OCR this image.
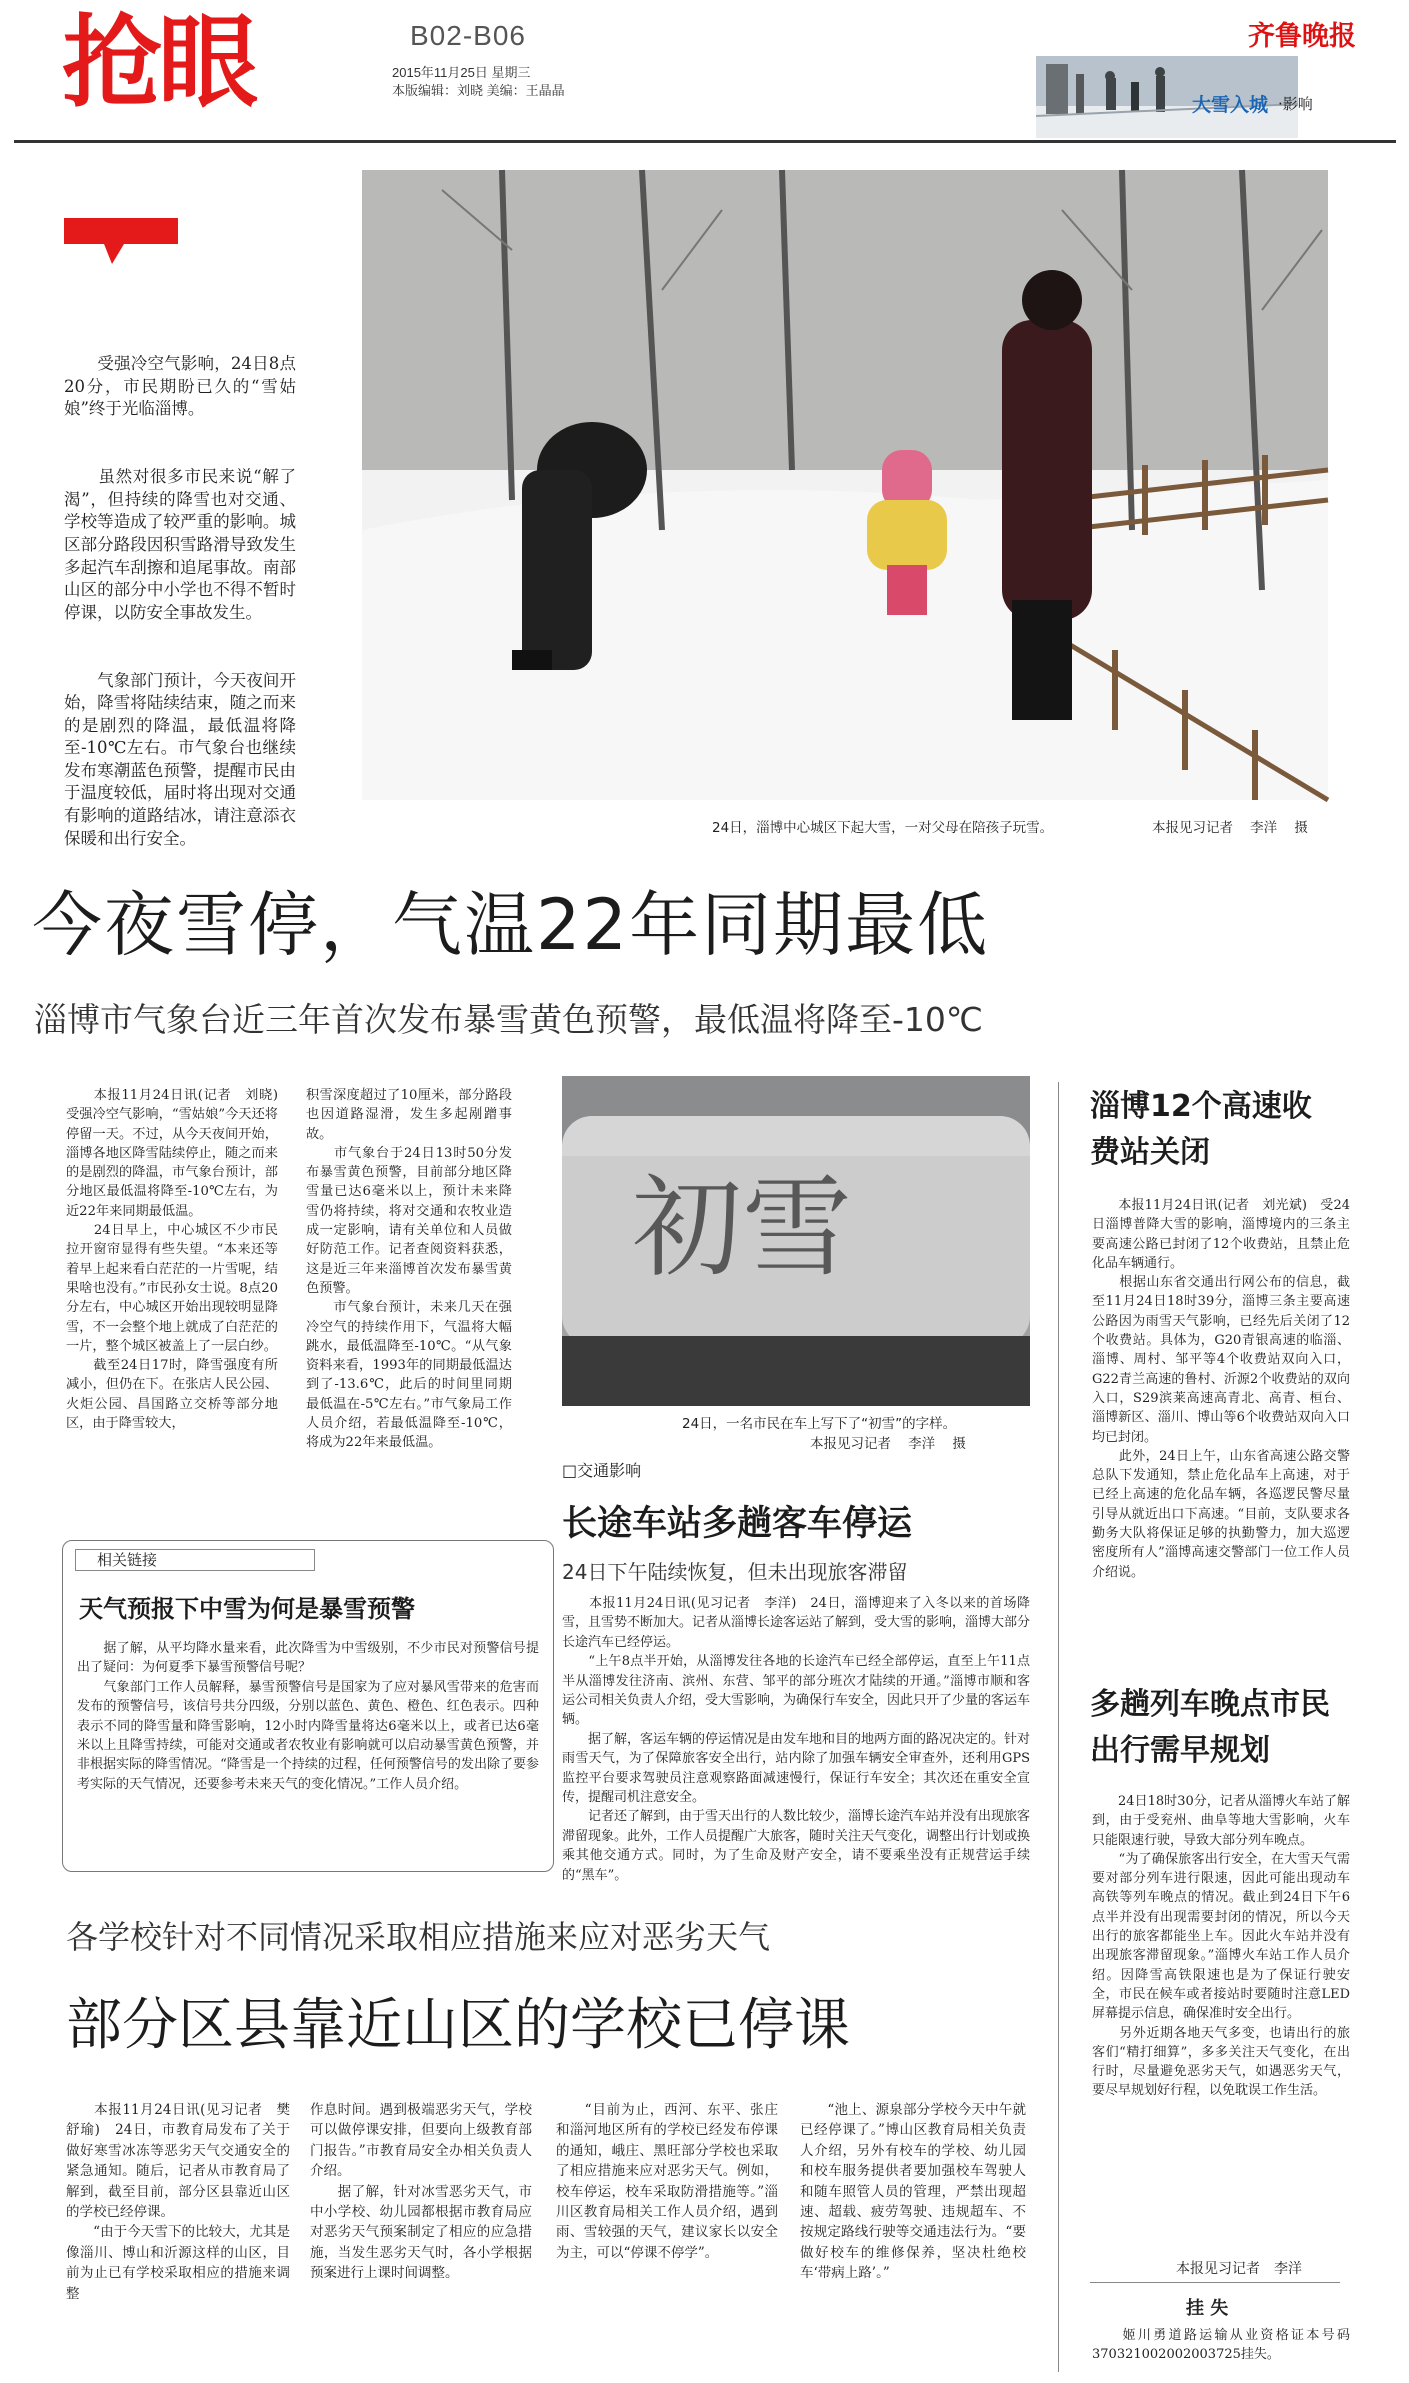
抢眼	B02-B06
2015年11月25日 星期三
本版编辑：刘晓 美编：王晶晶
齐鲁晚报
大雪入城 ·影响

　　受强冷空气影响，24日8点20分，市民期盼已久的“雪姑娘”终于光临淄博。

　　虽然对很多市民来说“解了渴”，但持续的降雪也对交通、学校等造成了较严重的影响。城区部分路段因积雪路滑导致发生多起汽车刮擦和追尾事故。南部山区的部分中小学也不得不暂时停课，以防安全事故发生。

　　气象部门预计，今天夜间开始，降雪将陆续结束，随之而来的是剧烈的降温，最低温将降至-10℃左右。市气象台也继续发布寒潮蓝色预警，提醒市民由于温度较低，届时将出现对交通有影响的道路结冰，请注意添衣保暖和出行安全。

24日，淄博中心城区下起大雪，一对父母在陪孩子玩雪。	本报见习记者    李洋    摄
今夜雪停，气温22年同期最低
淄博市气象台近三年首次发布暴雪黄色预警，最低温将降至-10℃
　　本报11月24日讯(记者　刘晓)　受强冷空气影响，“雪姑娘”今天还将停留一天。不过，从今天夜间开始，淄博各地区降雪陆续停止，随之而来的是剧烈的降温，市气象台预计，部分地区最低温将降至-10℃左右，为近22年来同期最低温。
　　24日早上，中心城区不少市民拉开窗帘显得有些失望。“本来还等着早上起来看白茫茫的一片雪呢，结果啥也没有。”市民孙女士说。8点20分左右，中心城区开始出现较明显降雪，不一会整个地上就成了白茫茫的一片，整个城区被盖上了一层白纱。
　　截至24日17时，降雪强度有所减小，但仍在下。在张店人民公园、火炬公园、昌国路立交桥等部分地区，由于降雪较大，
积雪深度超过了10厘米，部分路段也因道路湿滑，发生多起剐蹭事故。
　　市气象台于24日13时50分发布暴雪黄色预警，目前部分地区降雪量已达6毫米以上，预计未来降雪仍将持续，将对交通和农牧业造成一定影响，请有关单位和人员做好防范工作。记者查阅资料获悉，这是近三年来淄博首次发布暴雪黄色预警。
　　市气象台预计，未来几天在强冷空气的持续作用下，气温将大幅跳水，最低温降至-10℃。“从气象资料来看，1993年的同期最低温达到了-13.6℃，此后的时间里同期最低温在-5℃左右。”市气象局工作人员介绍，若最低温降至-10℃，将成为22年来最低温。
初雪
24日，一名市民在车上写下了“初雪”的字样。
本报见习记者    李洋    摄
相关链接
天气预报下中雪为何是暴雪预警
　　据了解，从平均降水量来看，此次降雪为中雪级别，不少市民对预警信号提出了疑问：为何夏季下暴雪预警信号呢？
　　气象部门工作人员解释，暴雪预警信号是国家为了应对暴风雪带来的危害而发布的预警信号，该信号共分四级，分别以蓝色、黄色、橙色、红色表示。四种表示不同的降雪量和降雪影响，12小时内降雪量将达6毫米以上，或者已达6毫米以上且降雪持续，可能对交通或者农牧业有影响就可以启动暴雪黄色预警，并非根据实际的降雪情况。“降雪是一个持续的过程，任何预警信号的发出除了要参考实际的天气情况，还要参考未来天气的变化情况。”工作人员介绍。
□交通影响
长途车站多趟客车停运
24日下午陆续恢复，但未出现旅客滞留
　　本报11月24日讯(见习记者　李洋)　24日，淄博迎来了入冬以来的首场降雪，且雪势不断加大。记者从淄博长途客运站了解到，受大雪的影响，淄博大部分长途汽车已经停运。
　　“上午8点半开始，从淄博发往各地的长途汽车已经全部停运，直至上午11点半从淄博发往济南、滨州、东营、邹平的部分班次才陆续的开通。”淄博市顺和客运公司相关负责人介绍，受大雪影响，为确保行车安全，因此只开了少量的客运车辆。
　　据了解，客运车辆的停运情况是由发车地和目的地两方面的路况决定的。针对雨雪天气，为了保障旅客安全出行，站内除了加强车辆安全审查外，还利用GPS监控平台要求驾驶员注意观察路面减速慢行，保证行车安全；其次还在重安全宣传，提醒司机注意安全。
　　记者还了解到，由于雪天出行的人数比较少，淄博长途汽车站并没有出现旅客滞留现象。此外，工作人员提醒广大旅客，随时关注天气变化，调整出行计划或换乘其他交通方式。同时，为了生命及财产安全，请不要乘坐没有正规营运手续的“黑车”。
各学校针对不同情况采取相应措施来应对恶劣天气
部分区县靠近山区的学校已停课
　　本报11月24日讯(见习记者　樊舒瑜)　24日，市教育局发布了关于做好寒雪冰冻等恶劣天气交通安全的紧急通知。随后，记者从市教育局了解到，截至目前，部分区县靠近山区的学校已经停课。
　　“由于今天雪下的比较大，尤其是像淄川、博山和沂源这样的山区，目前为止已有学校采取相应的措施来调整
作息时间。遇到极端恶劣天气，学校可以做停课安排，但要向上级教育部门报告。”市教育局安全办相关负责人介绍。
　　据了解，针对冰雪恶劣天气，市中小学校、幼儿园都根据市教育局应对恶劣天气预案制定了相应的应急措施，当发生恶劣天气时，各小学根据预案进行上课时间调整。
　　“目前为止，西河、东平、张庄和淄河地区所有的学校已经发布停课的通知，峨庄、黑旺部分学校也采取了相应措施来应对恶劣天气。例如，校车停运，校车采取防滑措施等。”淄川区教育局相关工作人员介绍，遇到雨、雪较强的天气，建议家长以安全为主，可以“停课不停学”。
　　“池上、源泉部分学校今天中午就已经停课了。”博山区教育局相关负责人介绍，另外有校车的学校、幼儿园和校车服务提供者要加强校车驾驶人和随车照管人员的管理，严禁出现超速、超载、疲劳驾驶、违规超车、不按规定路线行驶等交通违法行为。“要做好校车的维修保养，坚决杜绝校车‘带病上路’。”
淄博12个高速收费站关闭
　　本报11月24日讯(记者　刘光斌)　受24日淄博普降大雪的影响，淄博境内的三条主要高速公路已封闭了12个收费站，且禁止危化品车辆通行。
　　根据山东省交通出行网公布的信息，截至11月24日18时39分，淄博三条主要高速公路因为雨雪天气影响，已经先后关闭了12个收费站。具体为，G20青银高速的临淄、淄博、周村、邹平等4个收费站双向入口，G22青兰高速的鲁村、沂源2个收费站的双向入口，S29滨莱高速高青北、高青、桓台、淄博新区、淄川、博山等6个收费站双向入口均已封闭。
　　此外，24日上午，山东省高速公路交警总队下发通知，禁止危化品车上高速，对于已经上高速的危化品车辆，各巡逻民警尽量引导从就近出口下高速。“目前，支队要求各勤务大队将保证足够的执勤警力，加大巡逻密度所有人”淄博高速交警部门一位工作人员介绍说。
多趟列车晚点市民出行需早规划
　　24日18时30分，记者从淄博火车站了解到，由于受兖州、曲阜等地大雪影响，火车只能限速行驶，导致大部分列车晚点。
　　“为了确保旅客出行安全，在大雪天气需要对部分列车进行限速，因此可能出现动车高铁等列车晚点的情况。截止到24日下午6点半并没有出现需要封闭的情况，所以今天出行的旅客都能坐上车。因此火车站并没有出现旅客滞留现象。”淄博火车站工作人员介绍。因降雪高铁限速也是为了保证行驶安全，市民在候车或者接站时要随时注意LED屏幕提示信息，确保准时安全出行。
　　另外近期各地天气多变，也请出行的旅客们“精打细算”，多多关注天气变化，在出行时，尽量避免恶劣天气，如遇恶劣天气，要尽早规划好行程，以免耽误工作生活。
本报见习记者　李洋
挂 失
　　姬川勇道路运输从业资格证本号码370321002002003725挂失。
